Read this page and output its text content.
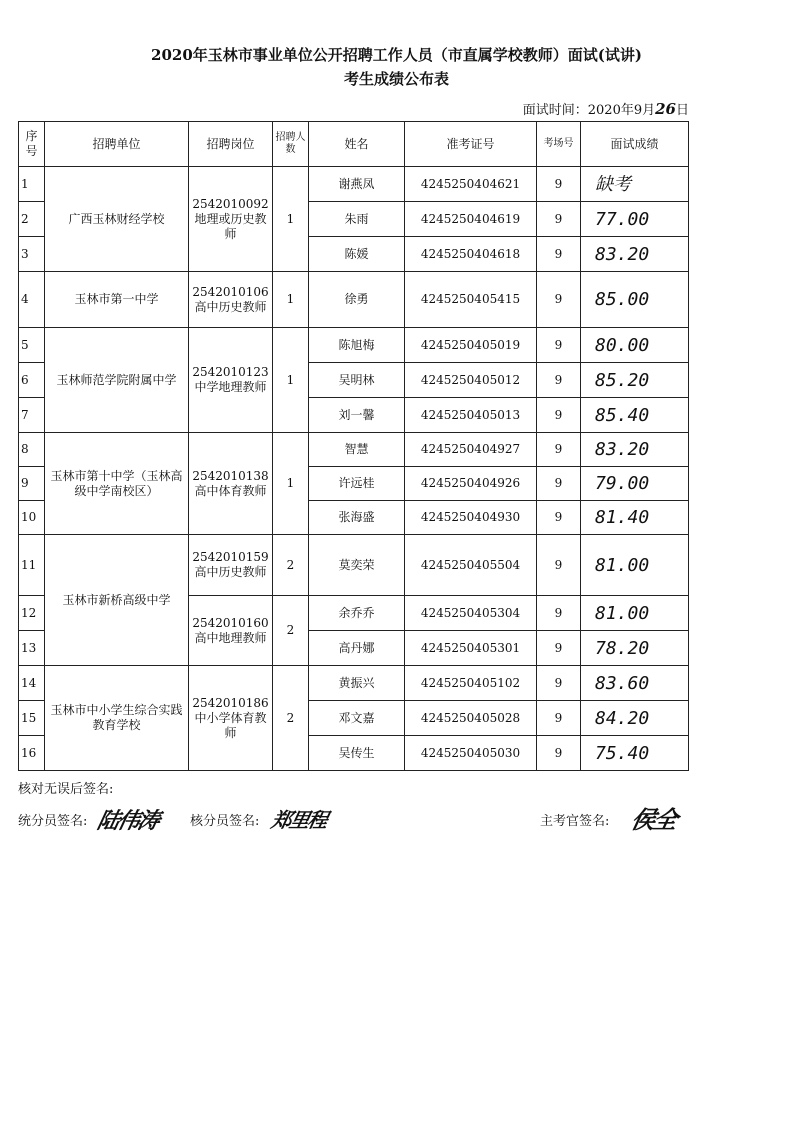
2020年玉林市事业单位公开招聘工作人员（市直属学校教师）面试(试讲)
考生成绩公布表
面试时间：2020年9月26日
序号	招聘单位	招聘岗位	招聘人数	姓名	准考证号	考场号	面试成绩
1	广西玉林财经学校	2542010092地理或历史教师	1	谢燕凤	4245250404621	9	缺考
2				朱雨	4245250404619	9	77.00
3				陈媛	4245250404618	9	83.20
4	玉林市第一中学	2542010106高中历史教师	1	徐勇	4245250405415	9	85.00
5	玉林师范学院附属中学	2542010123中学地理教师	1	陈旭梅	4245250405019	9	80.00
6				吴明林	4245250405012	9	85.20
7				刘一馨	4245250405013	9	85.40
8	玉林市第十中学（玉林高级中学南校区）	2542010138高中体育教师	1	智慧	4245250404927	9	83.20
9				许远桂	4245250404926	9	79.00
10				张海盛	4245250404930	9	81.40
11	玉林市新桥高级中学	2542010159高中历史教师	2	莫奕荣	4245250405504	9	81.00
12		2542010160高中地理教师	2	余乔乔	4245250405304	9	81.00
13				高丹娜	4245250405301	9	78.20
14	玉林市中小学生综合实践教育学校	2542010186中小学体育教师	2	黄振兴	4245250405102	9	83.60
15				邓文嘉	4245250405028	9	84.20
16				吴传生	4245250405030	9	75.40
核对无误后签名:
统分员签名: 陆伟涛 核分员签名: 郑里程	主考官签名: 侯全
